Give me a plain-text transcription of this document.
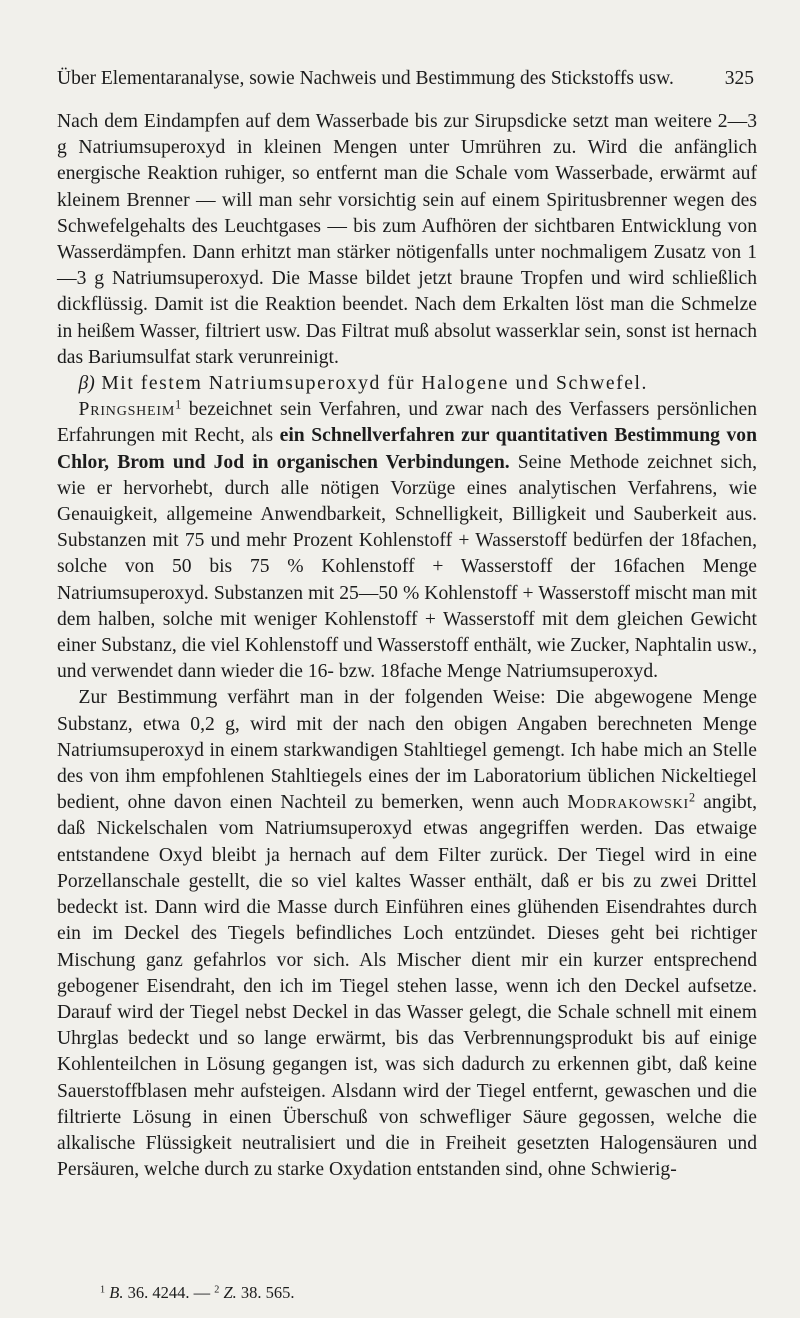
Über Elementaranalyse, sowie Nachweis und Bestimmung des Stickstoffs usw.	325

Nach dem Eindampfen auf dem Wasserbade bis zur Sirupsdicke setzt man weitere 2—3 g Natriumsuperoxyd in kleinen Mengen unter Umrühren zu. Wird die anfänglich energische Reaktion ruhiger, so entfernt man die Schale vom Wasserbade, erwärmt auf kleinem Brenner — will man sehr vorsichtig sein auf einem Spiritusbrenner wegen des Schwefelgehalts des Leuchtgases — bis zum Aufhören der sichtbaren Entwicklung von Wasserdämpfen. Dann erhitzt man stärker nötigenfalls unter nochmaligem Zusatz von 1—3 g Natriumsuperoxyd. Die Masse bildet jetzt braune Tropfen und wird schließlich dickflüssig. Damit ist die Reaktion beendet. Nach dem Erkalten löst man die Schmelze in heißem Wasser, filtriert usw. Das Filtrat muß absolut wasserklar sein, sonst ist hernach das Bariumsulfat stark verunreinigt.

β) Mit festem Natriumsuperoxyd für Halogene und Schwefel.

Pringsheim$^1$ bezeichnet sein Verfahren, und zwar nach des Verfassers persönlichen Erfahrungen mit Recht, als ein Schnellverfahren zur quantitativen Bestimmung von Chlor, Brom und Jod in organischen Verbindungen. Seine Methode zeichnet sich, wie er hervorhebt, durch alle nötigen Vorzüge eines analytischen Verfahrens, wie Genauigkeit, allgemeine Anwendbarkeit, Schnelligkeit, Billigkeit und Sauberkeit aus. Substanzen mit 75 und mehr Prozent Kohlenstoff + Wasserstoff bedürfen der 18fachen, solche von 50 bis 75 % Kohlenstoff + Wasserstoff der 16fachen Menge Natriumsuperoxyd. Substanzen mit 25—50 % Kohlenstoff + Wasserstoff mischt man mit dem halben, solche mit weniger Kohlenstoff + Wasserstoff mit dem gleichen Gewicht einer Substanz, die viel Kohlenstoff und Wasserstoff enthält, wie Zucker, Naphtalin usw., und verwendet dann wieder die 16- bzw. 18fache Menge Natriumsuperoxyd.

Zur Bestimmung verfährt man in der folgenden Weise: Die abgewogene Menge Substanz, etwa 0,2 g, wird mit der nach den obigen Angaben berechneten Menge Natriumsuperoxyd in einem starkwandigen Stahltiegel gemengt. Ich habe mich an Stelle des von ihm empfohlenen Stahltiegels eines der im Laboratorium üblichen Nickeltiegel bedient, ohne davon einen Nachteil zu bemerken, wenn auch Modrakowski$^2$ angibt, daß Nickelschalen vom Natriumsuperoxyd etwas angegriffen werden. Das etwaige entstandene Oxyd bleibt ja hernach auf dem Filter zurück. Der Tiegel wird in eine Porzellanschale gestellt, die so viel kaltes Wasser enthält, daß er bis zu zwei Drittel bedeckt ist. Dann wird die Masse durch Einführen eines glühenden Eisendrahtes durch ein im Deckel des Tiegels befindliches Loch entzündet. Dieses geht bei richtiger Mischung ganz gefahrlos vor sich. Als Mischer dient mir ein kurzer entsprechend gebogener Eisendraht, den ich im Tiegel stehen lasse, wenn ich den Deckel aufsetze. Darauf wird der Tiegel nebst Deckel in das Wasser gelegt, die Schale schnell mit einem Uhrglas bedeckt und so lange erwärmt, bis das Verbrennungsprodukt bis auf einige Kohlenteilchen in Lösung gegangen ist, was sich dadurch zu erkennen gibt, daß keine Sauerstoffblasen mehr aufsteigen. Alsdann wird der Tiegel entfernt, gewaschen und die filtrierte Lösung in einen Überschuß von schwefliger Säure gegossen, welche die alkalische Flüssigkeit neutralisiert und die in Freiheit gesetzten Halogensäuren und Persäuren, welche durch zu starke Oxydation entstanden sind, ohne Schwierig-

$^1$ B. 36. 4244. — $^2$ Z. 38. 565.
